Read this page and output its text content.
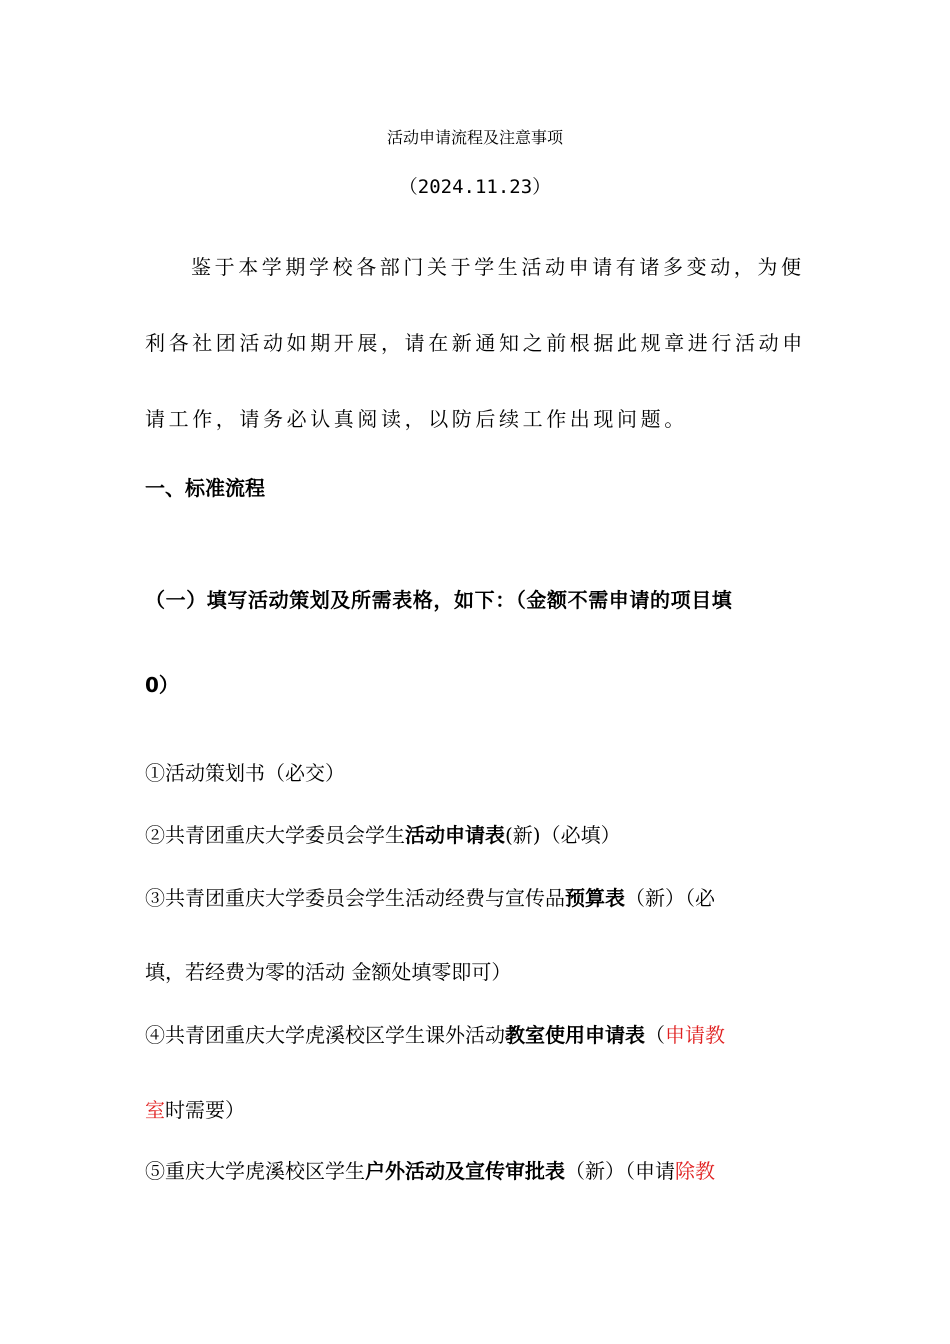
活动申请流程及注意事项
（2024.11.23）

鉴于本学期学校各部门关于学生活动申请有诸多变动，为便利各社团活动如期开展，请在新通知之前根据此规章进行活动申请工作，请务必认真阅读，以防后续工作出现问题。

一、标准流程

（一）填写活动策划及所需表格，如下：（金额不需申请的项目填

0）

①活动策划书（必交）

②共青团重庆大学委员会学生活动申请表(新)（必填）

③共青团重庆大学委员会学生活动经费与宣传品预算表（新）（必

填，若经费为零的活动 金额处填零即可）

④共青团重庆大学虎溪校区学生课外活动教室使用申请表（申请教

室时需要）

⑤重庆大学虎溪校区学生户外活动及宣传审批表（新）（申请除教
